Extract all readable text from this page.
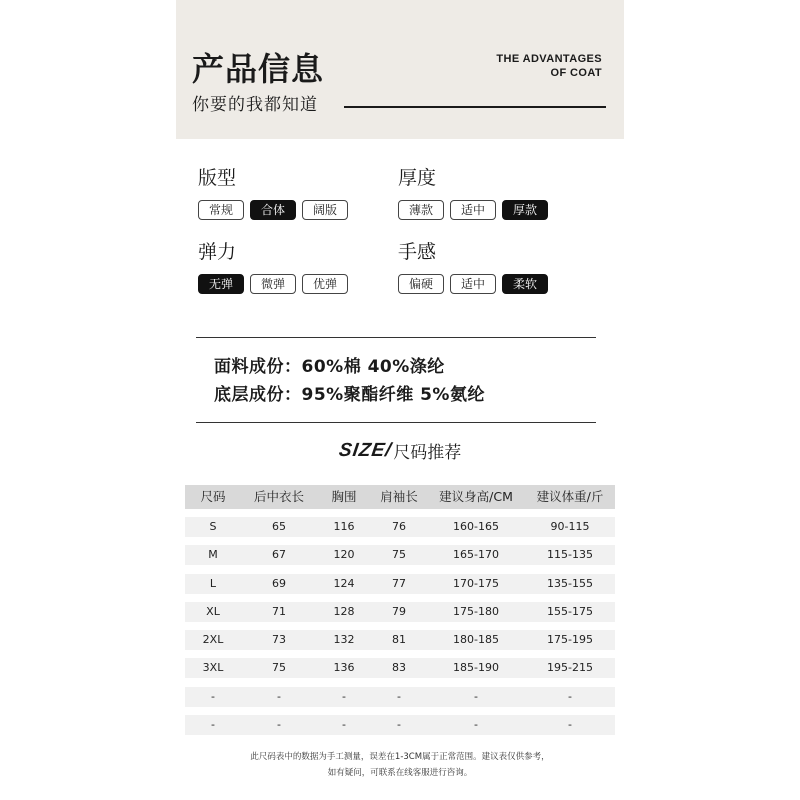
产品信息
你要的我都知道
THE ADVANTAGES
OF COAT
版型
常规	合体	阔版
厚度
薄款	适中	厚款
弹力
无弹	微弹	优弹
手感
偏硬	适中	柔软
面料成份：60%棉 40%涤纶
底层成份：95%聚酯纤维 5%氨纶
SIZE/尺码推荐
尺码	后中衣长	胸围	肩袖长	建议身高/CM	建议体重/斤
S	65	116	76	160-165	90-115
M	67	120	75	165-170	115-135
L	69	124	77	170-175	135-155
XL	71	128	79	175-180	155-175
2XL	73	132	81	180-185	175-195
3XL	75	136	83	185-190	195-215
-	-	-	-	-	-
-	-	-	-	-	-
此尺码表中的数据为手工测量，误差在1-3CM属于正常范围。建议表仅供参考，
如有疑问，可联系在线客服进行咨询。
